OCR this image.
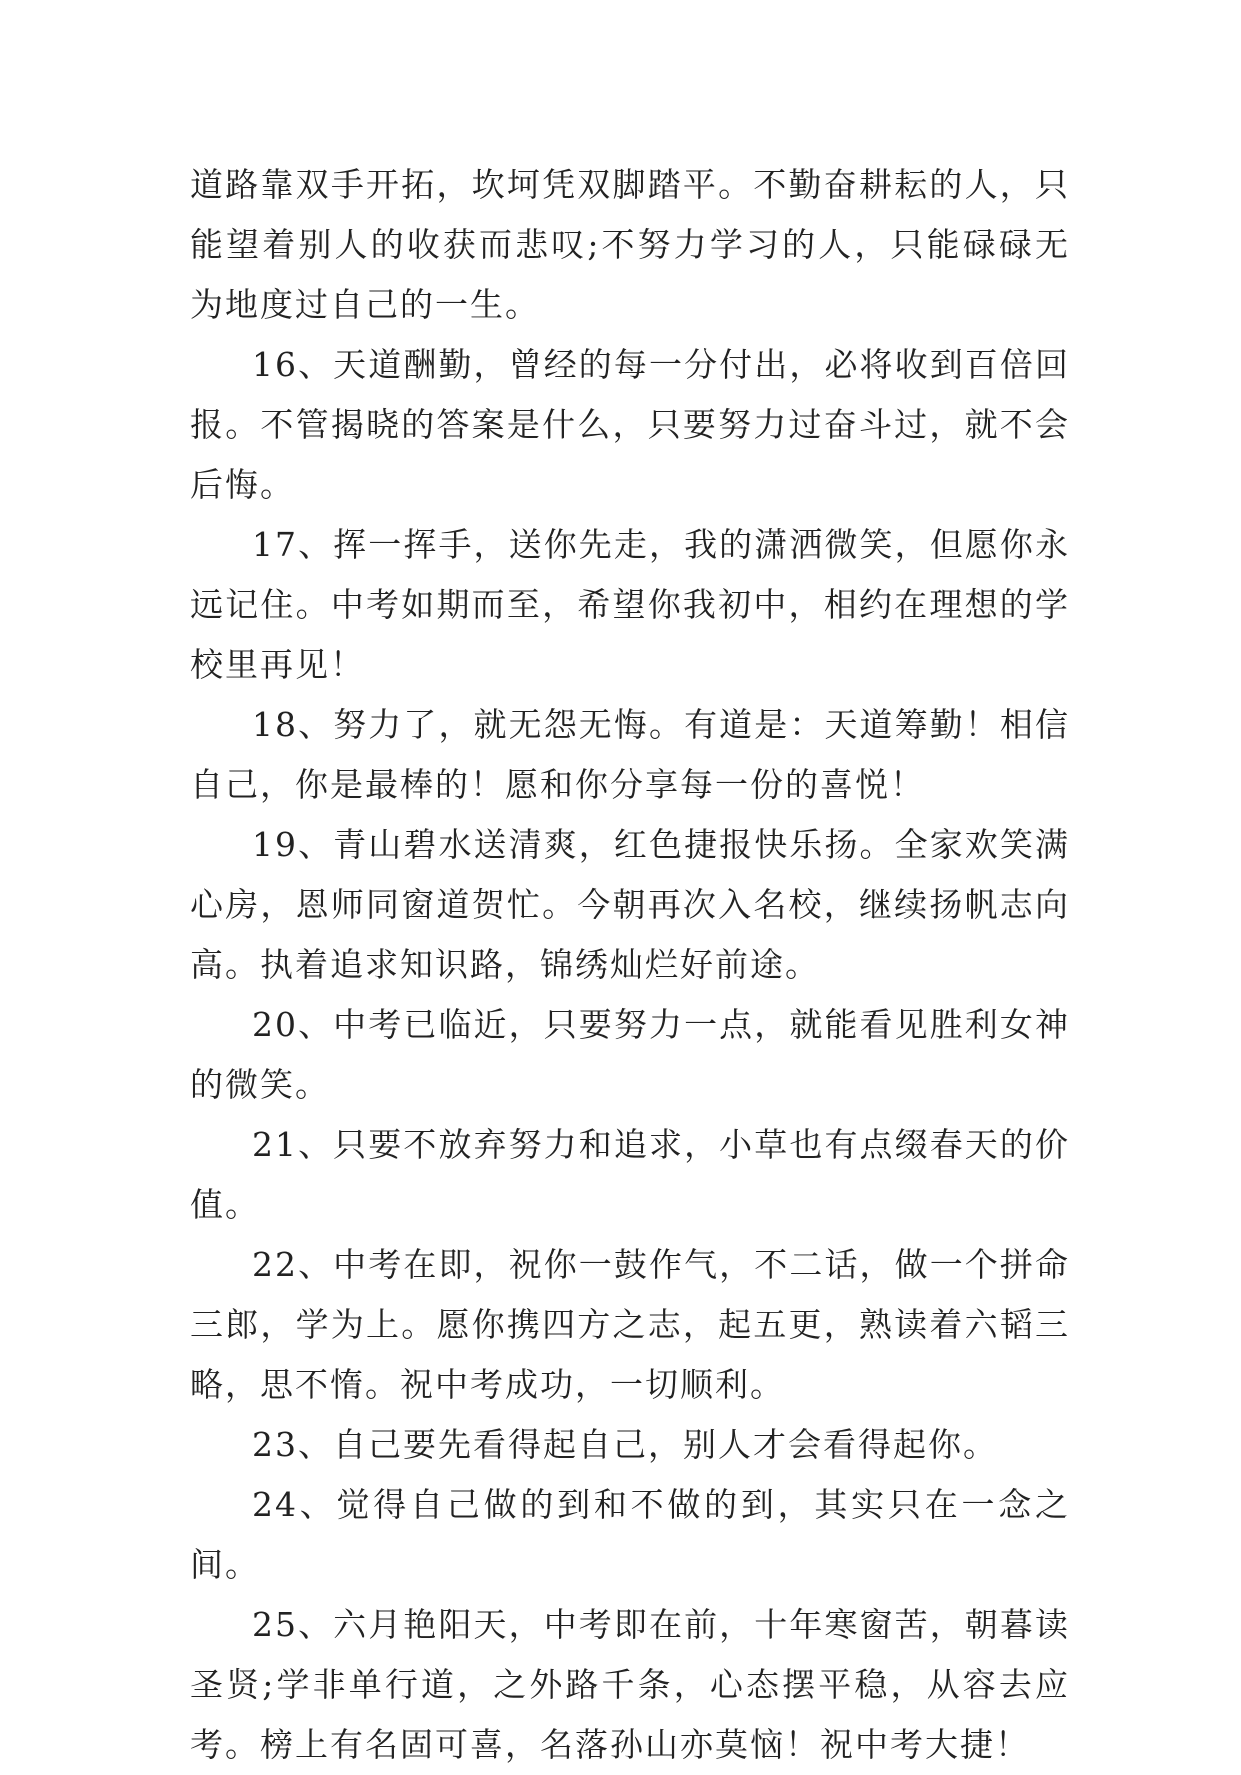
道路靠双手开拓，坎坷凭双脚踏平。不勤奋耕耘的人，只能望着别人的收获而悲叹;不努力学习的人，只能碌碌无为地度过自己的一生。

16、天道酬勤，曾经的每一分付出，必将收到百倍回报。不管揭晓的答案是什么，只要努力过奋斗过，就不会后悔。

17、挥一挥手，送你先走，我的潇洒微笑，但愿你永远记住。中考如期而至，希望你我初中，相约在理想的学校里再见！

18、努力了，就无怨无悔。有道是：天道筹勤！相信自己，你是最棒的！愿和你分享每一份的喜悦！

19、青山碧水送清爽，红色捷报快乐扬。全家欢笑满心房，恩师同窗道贺忙。今朝再次入名校，继续扬帆志向高。执着追求知识路，锦绣灿烂好前途。

20、中考已临近，只要努力一点，就能看见胜利女神的微笑。

21、只要不放弃努力和追求，小草也有点缀春天的价值。

22、中考在即，祝你一鼓作气，不二话，做一个拼命三郎，学为上。愿你携四方之志，起五更，熟读着六韬三略，思不惰。祝中考成功，一切顺利。

23、自己要先看得起自己，别人才会看得起你。

24、觉得自己做的到和不做的到，其实只在一念之间。

25、六月艳阳天，中考即在前，十年寒窗苦，朝暮读圣贤;学非单行道，之外路千条，心态摆平稳，从容去应考。榜上有名固可喜，名落孙山亦莫恼！祝中考大捷！
